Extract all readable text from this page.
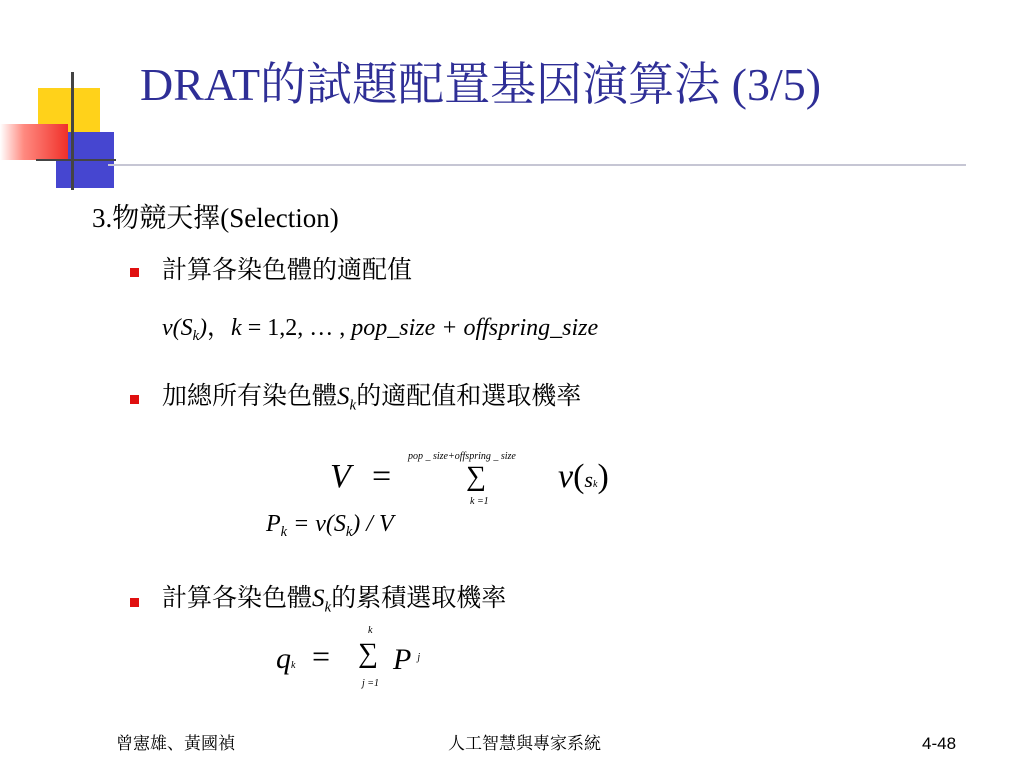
DRAT的試題配置基因演算法 (3/5)
3.物競天擇(Selection)
計算各染色體的適配值
$v(S_k)$，k = 1,2, … , pop_size + offspring_size
加總所有染色體$S_k$的適配值和選取機率
V =
pop _ size+offspring _ size
∑
k =1
v(sk)
$P_k = v(S_k) / V$
計算各染色體$S_k$的累積選取機率
qk =
k
∑
j =1
P $^j$
曾憲雄、黃國禎	人工智慧與專家系統	4-48
